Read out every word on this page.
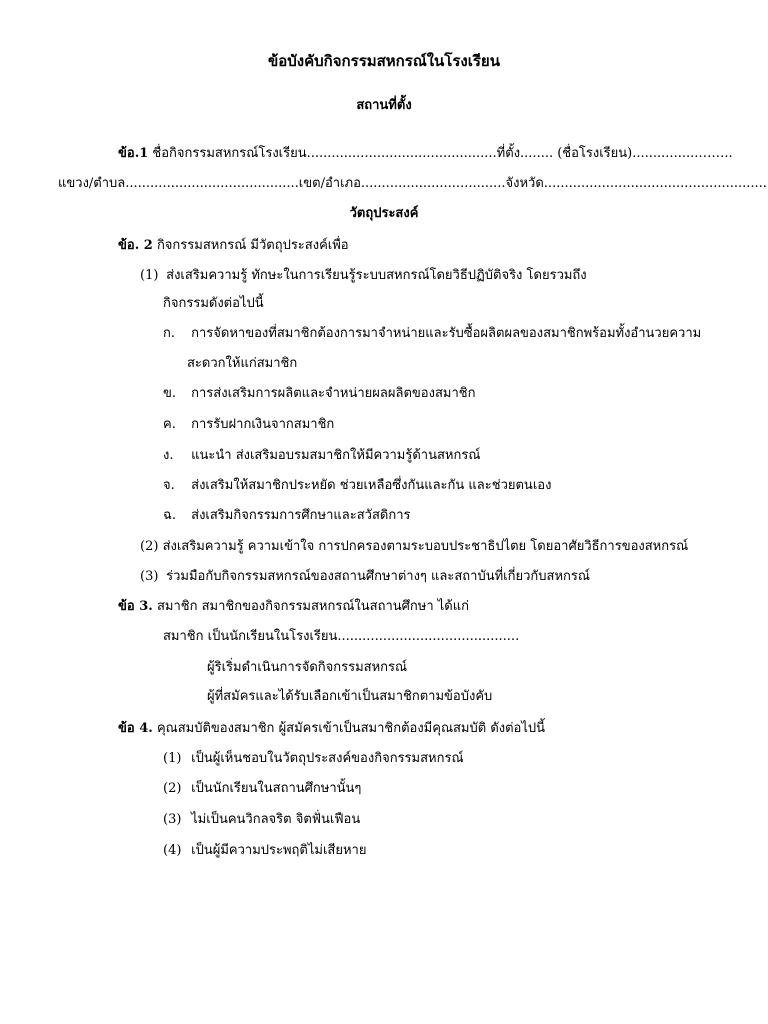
ข้อบังคับกิจกรรมสหกรณ์ในโรงเรียน
สถานที่ตั้ง
ข้อ.1 ชื่อกิจกรรมสหกรณ์โรงเรียน..............................................ที่ตั้ง........ (ชื่อโรงเรียน)................……..
แขวง/ตำบล..........................................เขต/อำเภอ...................................จังหวัด......................................................
วัตถุประสงค์
ข้อ. 2 กิจกรรมสหกรณ์ มีวัตถุประสงค์เพื่อ
(1) ส่งเสริมความรู้ ทักษะในการเรียนรู้ระบบสหกรณ์โดยวิธีปฏิบัติจริง โดยรวมถึง
กิจกรรมดังต่อไปนี้
ก. การจัดหาของที่สมาชิกต้องการมาจำหน่ายและรับซื้อผลิตผลของสมาชิกพร้อมทั้งอำนวยความ
สะดวกให้แก่สมาชิก
ข. การส่งเสริมการผลิตและจำหน่ายผลผลิตของสมาชิก
ค. การรับฝากเงินจากสมาชิก
ง. แนะนำ ส่งเสริมอบรมสมาชิกให้มีความรู้ด้านสหกรณ์
จ. ส่งเสริมให้สมาชิกประหยัด ช่วยเหลือซึ่งกันและกัน และช่วยตนเอง
ฉ. ส่งเสริมกิจกรรมการศึกษาและสวัสดิการ
(2) ส่งเสริมความรู้ ความเข้าใจ การปกครองตามระบอบประชาธิปไตย โดยอาศัยวิธีการของสหกรณ์
(3) ร่วมมือกับกิจกรรมสหกรณ์ของสถานศึกษาต่างๆ และสถาบันที่เกี่ยวกับสหกรณ์
ข้อ 3. สมาชิก สมาชิกของกิจกรรมสหกรณ์ในสถานศึกษา ได้แก่
สมาชิก เป็นนักเรียนในโรงเรียน............................................
ผู้ริเริ่มดำเนินการจัดกิจกรรมสหกรณ์
ผู้ที่สมัครและได้รับเลือกเข้าเป็นสมาชิกตามข้อบังคับ
ข้อ 4. คุณสมบัติของสมาชิก ผู้สมัครเข้าเป็นสมาชิกต้องมีคุณสมบัติ ดังต่อไปนี้
(1) เป็นผู้เห็นชอบในวัตถุประสงค์ของกิจกรรมสหกรณ์
(2) เป็นนักเรียนในสถานศึกษานั้นๆ
(3) ไม่เป็นคนวิกลจริต จิตฟั่นเฟือน
(4) เป็นผู้มีความประพฤติไม่เสียหาย
